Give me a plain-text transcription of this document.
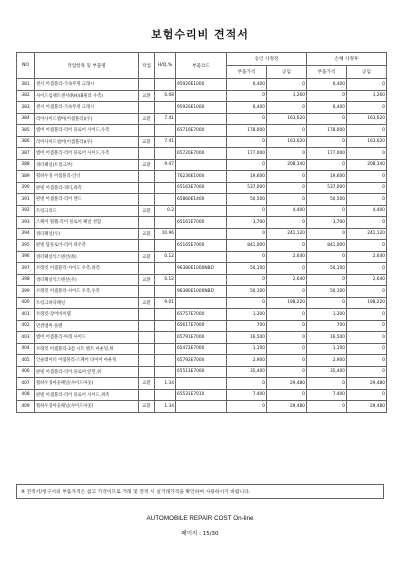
보험수리비 견적서
NO	작업항목 및 부품명	작업	H/Q,%	부품코드	승인 사정전		손해 사정후	
					부품가격	공임	부품가격	공임
381	센서 어셈블리-가속무게 크래시			95920E1000	6,400	0	6,400	0
382	사이드임팩트센서(RH)(B필러 우측)	교환	0.08		0	1,260	0	1,260
383	센서 어셈블리-가속무게 크래시			95920E1000	6,400	0	6,400	0
384	리어사이드멤버(어셈블리)(우)	교환	7.41		0	163,620	0	163,620
385	멤버 어셈블리-리어 플로어 사이드,우측			65710E7000	178,000	0	178,000	0
386	리어사이드멤버(어셈블리)(우)	교환	7.41		0	163,620	0	163,620
387	멤버 어셈블리-리어 플로어 사이드,우측			65720E7000	177,000	0	177,000	0
388	쿼터패널(트렁크부)	교환	9.47		0	208,340	0	208,340
389	휠하우징 어셈블리-인너			76230E1000	19,600	0	19,600	0
390	판넬 어셈블리-쿼터,좌측			65163E7000	537,000	0	537,000	0
391	판넬 어셈블리-리어 엔드			65860E1400	50,500	0	50,500	0
392	트렁크리드	교환	0.2		0	4,400	0	4,400
393	스페어 휠웰-리어 플로어 패널 결합			65161E7000	3,700	0	3,700	0
394	쿼터패널(우)	교환	10.96		0	241,120	0	241,120
395	판넬 탑플로어-리어 좌우측			65165E7000	841,000	0	841,000	0
396	쿼터패널익스텐션(좌)	교환	0.12		0	2,640	0	2,640
397	브래킷 어셈블리-사이드 우측,좌측			96380E1000NBD	50,100	0	50,100	0
398	쿼터패널익스텐션(우)	교환	0.12		0	2,640	0	2,640
399	브래킷 어셈블리-사이드 우측,우측			96380E1000NBD	50,100	0	50,100	0
400	트렁크바닥패널	교환	9.01		0	198,220	0	198,220
401	브래킷-장어바이랩			65757E7000	1,300	0	1,300	0
402	연결멤버-플랜			65617E7000	700	0	700	0
403	멤버 어셈블리-아래 사이드			65791E7000	16,500	0	16,500	0
404	브래킷 어셈블리-3점 시트 벨트 마운팅,위			65472E7000	1,100	0	1,100	0
405	인슐레이터 어셈블리-스페어 타이어 마운팅			65792E7000	2,900	0	2,900	0
406	판넬 어셈블리-리어 플로어 앞면,위			65513E7000	35,400	0	35,400	0
407	휠하우징아웃패널(사이드아웃)	교환	1.34		0	29,480	0	29,480
408	판넬 어셈블리-리어 플로어 사이드,위측			65531E7010	7,400	0	7,400	0
409	휠하우징아웃패널(사이드아웃)	교환	1.34		0	29,480	0	29,480
※ 견적서/청구서의 부품가격은 참고 가격이므로 거래 및 견적 시 실거래가격을 확인하여 사용하시기 바랍니다.
AUTOMOBILE REPAIR COST On-line
페이지 : 15/30
